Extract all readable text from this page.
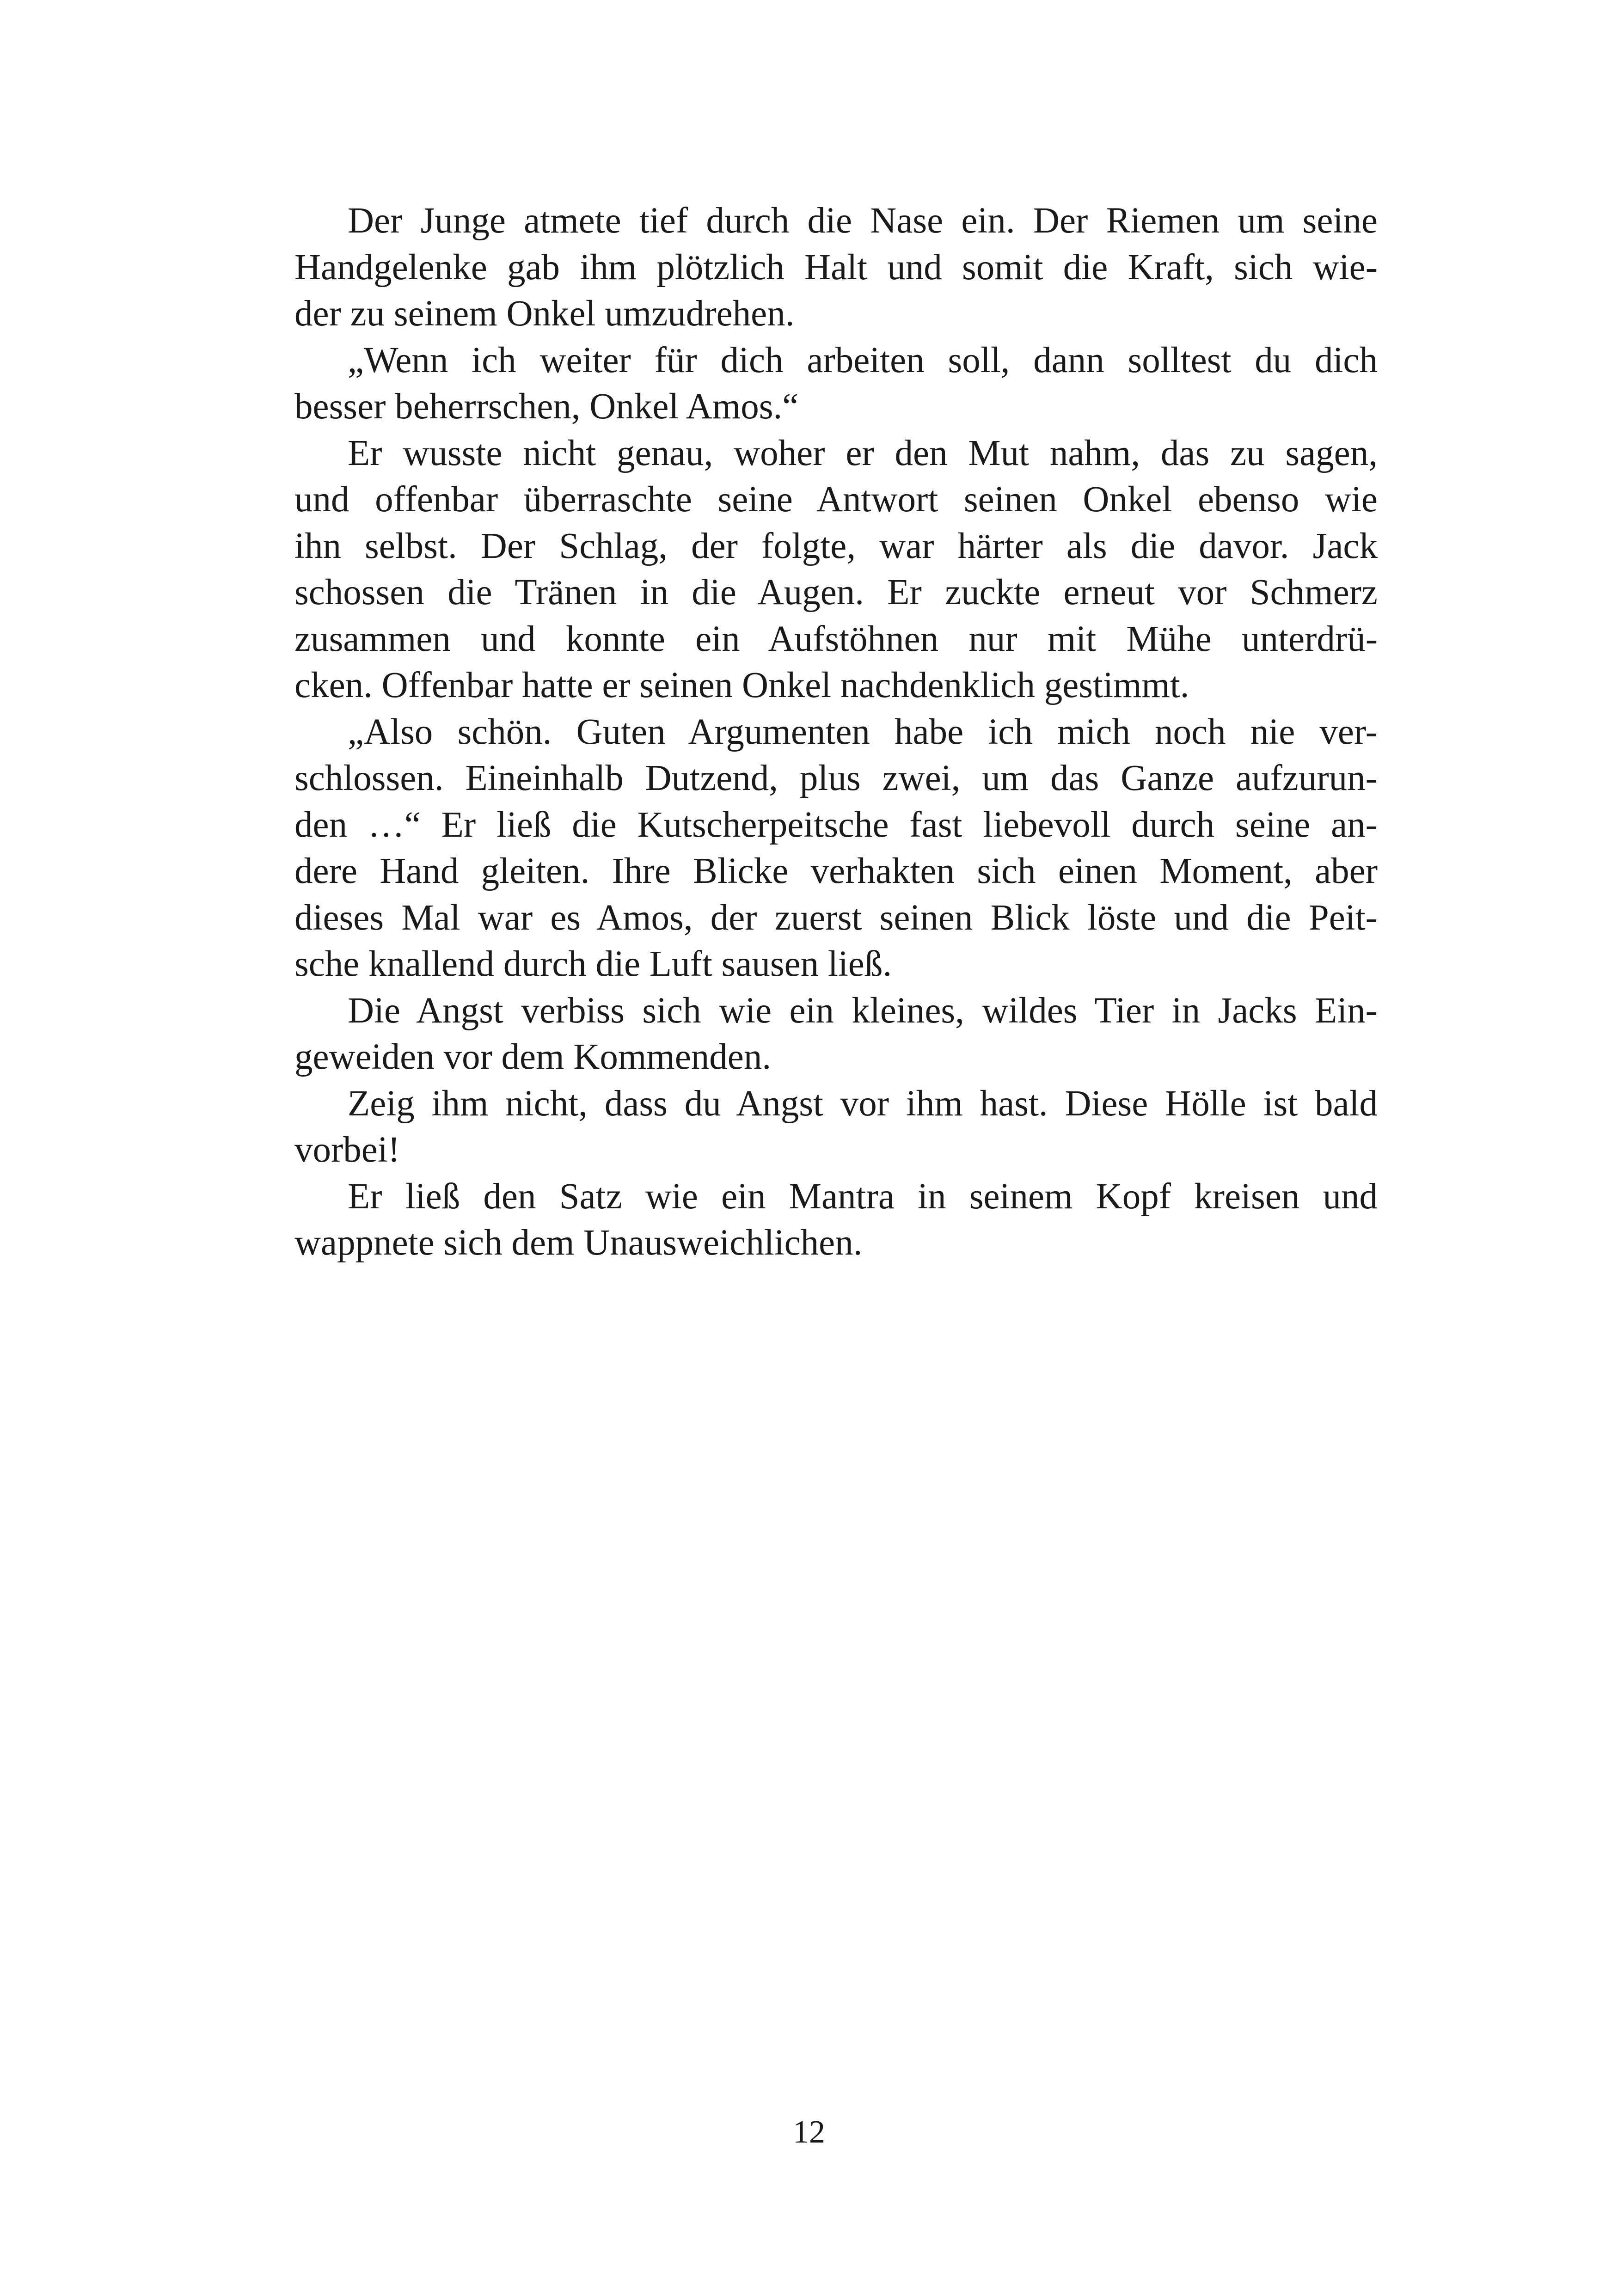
Der Junge atmete tief durch die Nase ein. Der Riemen um seine
Handgelenke gab ihm plötzlich Halt und somit die Kraft, sich wie-
der zu seinem Onkel umzudrehen.

„Wenn ich weiter für dich arbeiten soll, dann solltest du dich
besser beherrschen, Onkel Amos.“

Er wusste nicht genau, woher er den Mut nahm, das zu sagen,
und offenbar überraschte seine Antwort seinen Onkel ebenso wie
ihn selbst. Der Schlag, der folgte, war härter als die davor. Jack
schossen die Tränen in die Augen. Er zuckte erneut vor Schmerz
zusammen und konnte ein Aufstöhnen nur mit Mühe unterdrü-
cken. Offenbar hatte er seinen Onkel nachdenklich gestimmt.

„Also schön. Guten Argumenten habe ich mich noch nie ver-
schlossen. Eineinhalb Dutzend, plus zwei, um das Ganze aufzurun-
den …“ Er ließ die Kutscherpeitsche fast liebevoll durch seine an-
dere Hand gleiten. Ihre Blicke verhakten sich einen Moment, aber
dieses Mal war es Amos, der zuerst seinen Blick löste und die Peit-
sche knallend durch die Luft sausen ließ.

Die Angst verbiss sich wie ein kleines, wildes Tier in Jacks Ein-
geweiden vor dem Kommenden.

Zeig ihm nicht, dass du Angst vor ihm hast. Diese Hölle ist bald
vorbei!

Er ließ den Satz wie ein Mantra in seinem Kopf kreisen und
wappnete sich dem Unausweichlichen.

12
